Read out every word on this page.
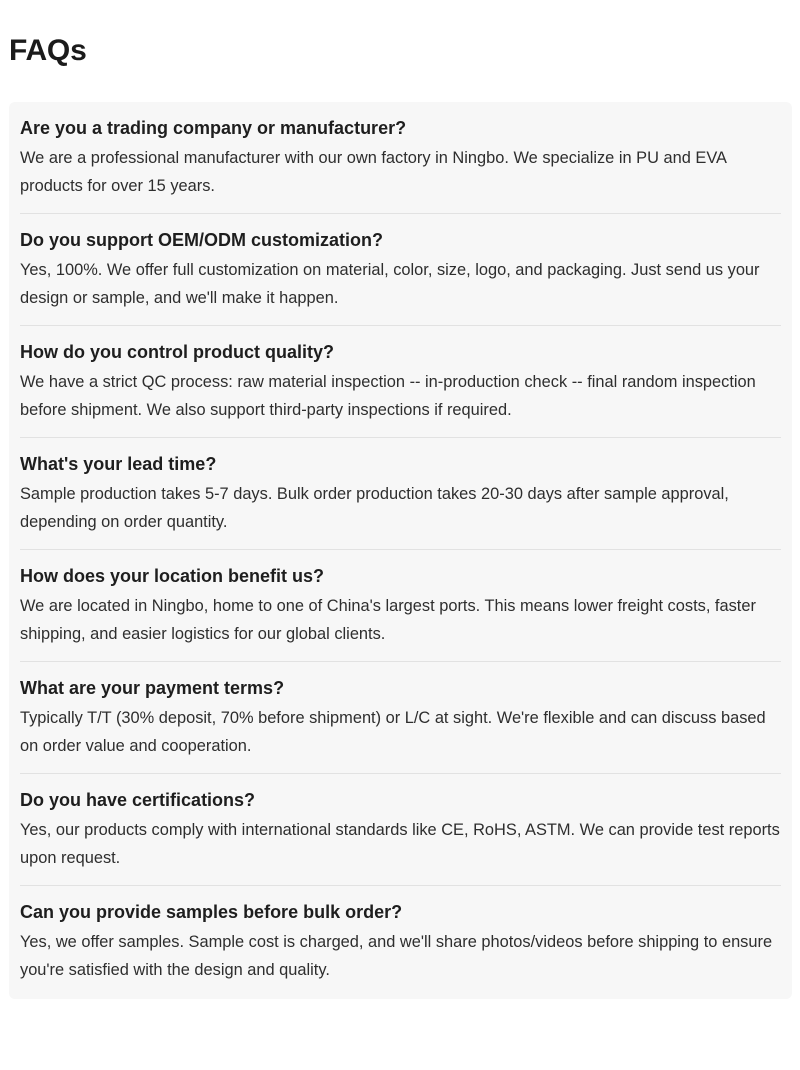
FAQs
Are you a trading company or manufacturer?

We are a professional manufacturer with our own factory in Ningbo. We specialize in PU and EVA products for over 15 years.

Do you support OEM/ODM customization?

Yes, 100%. We offer full customization on material, color, size, logo, and packaging. Just send us your design or sample, and we'll make it happen.

How do you control product quality?

We have a strict QC process: raw material inspection -- in-production check -- final random inspection before shipment. We also support third-party inspections if required.

What's your lead time?

Sample production takes 5-7 days. Bulk order production takes 20-30 days after sample approval, depending on order quantity.

How does your location benefit us?

We are located in Ningbo, home to one of China's largest ports. This means lower freight costs, faster shipping, and easier logistics for our global clients.

What are your payment terms?

Typically T/T (30% deposit, 70% before shipment) or L/C at sight. We're flexible and can discuss based on order value and cooperation.

Do you have certifications?

Yes, our products comply with international standards like CE, RoHS, ASTM. We can provide test reports upon request.

Can you provide samples before bulk order?

Yes, we offer samples. Sample cost is charged, and we'll share photos/videos before shipping to ensure you're satisfied with the design and quality.
